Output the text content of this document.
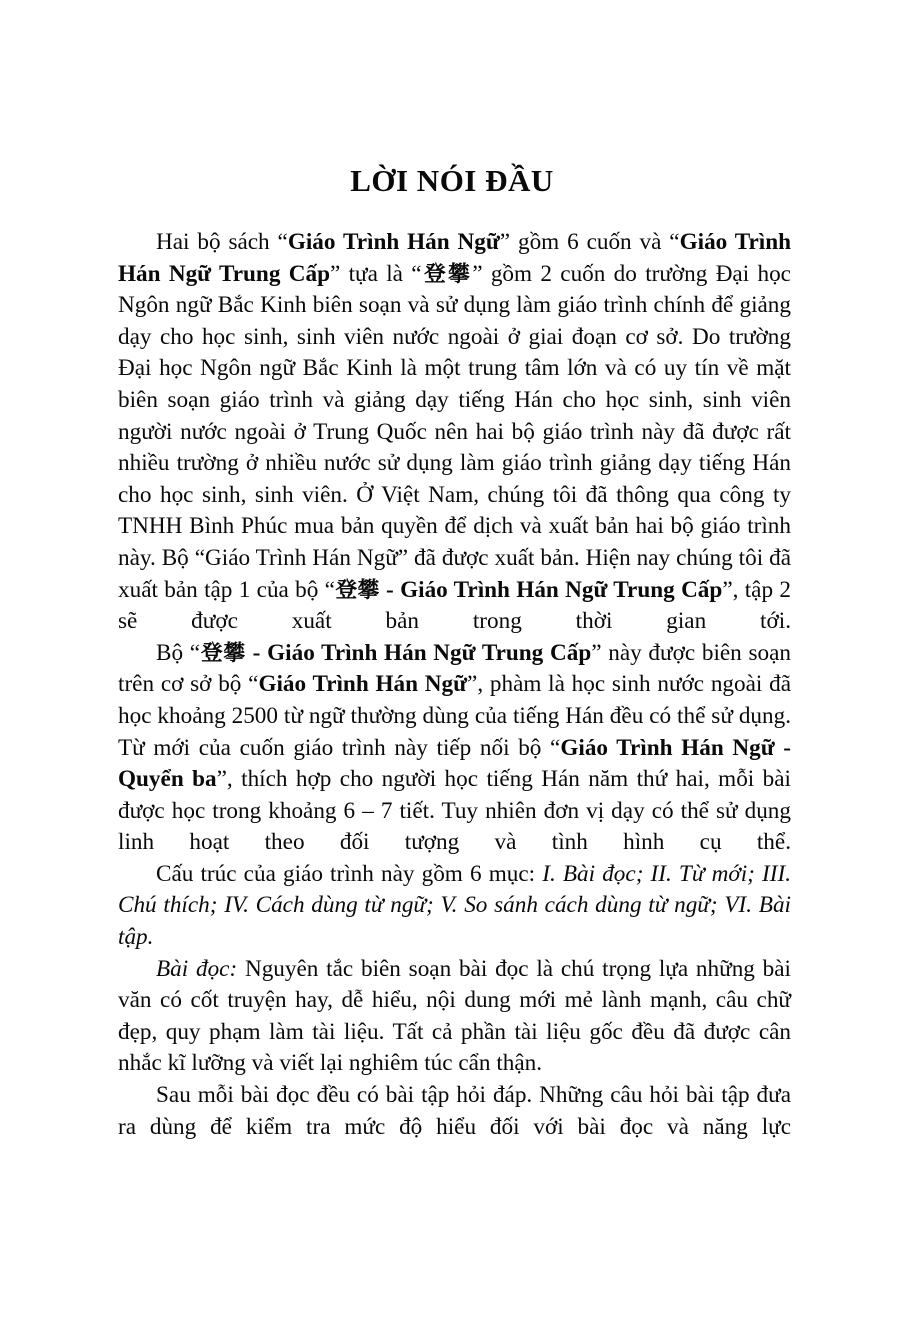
LỜI NÓI ĐẦU

Hai bộ sách “Giáo Trình Hán Ngữ” gồm 6 cuốn và “Giáo Trình Hán Ngữ Trung Cấp” tựa là “登攀” gồm 2 cuốn do trường Đại học Ngôn ngữ Bắc Kinh biên soạn và sử dụng làm giáo trình chính để giảng dạy cho học sinh, sinh viên nước ngoài ở giai đoạn cơ sở. Do trường Đại học Ngôn ngữ Bắc Kinh là một trung tâm lớn và có uy tín về mặt biên soạn giáo trình và giảng dạy tiếng Hán cho học sinh, sinh viên người nước ngoài ở Trung Quốc nên hai bộ giáo trình này đã được rất nhiều trường ở nhiều nước sử dụng làm giáo trình giảng dạy tiếng Hán cho học sinh, sinh viên. Ở Việt Nam, chúng tôi đã thông qua công ty TNHH Bình Phúc mua bản quyền để dịch và xuất bản hai bộ giáo trình này. Bộ “Giáo Trình Hán Ngữ” đã được xuất bản. Hiện nay chúng tôi đã xuất bản tập 1 của bộ “登攀 - Giáo Trình Hán Ngữ Trung Cấp”, tập 2 sẽ được xuất bản trong thời gian tới.

Bộ “登攀 - Giáo Trình Hán Ngữ Trung Cấp” này được biên soạn trên cơ sở bộ “Giáo Trình Hán Ngữ”, phàm là học sinh nước ngoài đã học khoảng 2500 từ ngữ thường dùng của tiếng Hán đều có thể sử dụng. Từ mới của cuốn giáo trình này tiếp nối bộ “Giáo Trình Hán Ngữ - Quyển ba”, thích hợp cho người học tiếng Hán năm thứ hai, mỗi bài được học trong khoảng 6 – 7 tiết. Tuy nhiên đơn vị dạy có thể sử dụng linh hoạt theo đối tượng và tình hình cụ thể.

Cấu trúc của giáo trình này gồm 6 mục: I. Bài đọc; II. Từ mới; III. Chú thích; IV. Cách dùng từ ngữ; V. So sánh cách dùng từ ngữ; VI. Bài tập.

Bài đọc: Nguyên tắc biên soạn bài đọc là chú trọng lựa những bài văn có cốt truyện hay, dễ hiểu, nội dung mới mẻ lành mạnh, câu chữ đẹp, quy phạm làm tài liệu. Tất cả phần tài liệu gốc đều đã được cân nhắc kĩ lưỡng và viết lại nghiêm túc cẩn thận.

Sau mỗi bài đọc đều có bài tập hỏi đáp. Những câu hỏi bài tập đưa ra dùng để kiểm tra mức độ hiểu đối với bài đọc và năng lực
